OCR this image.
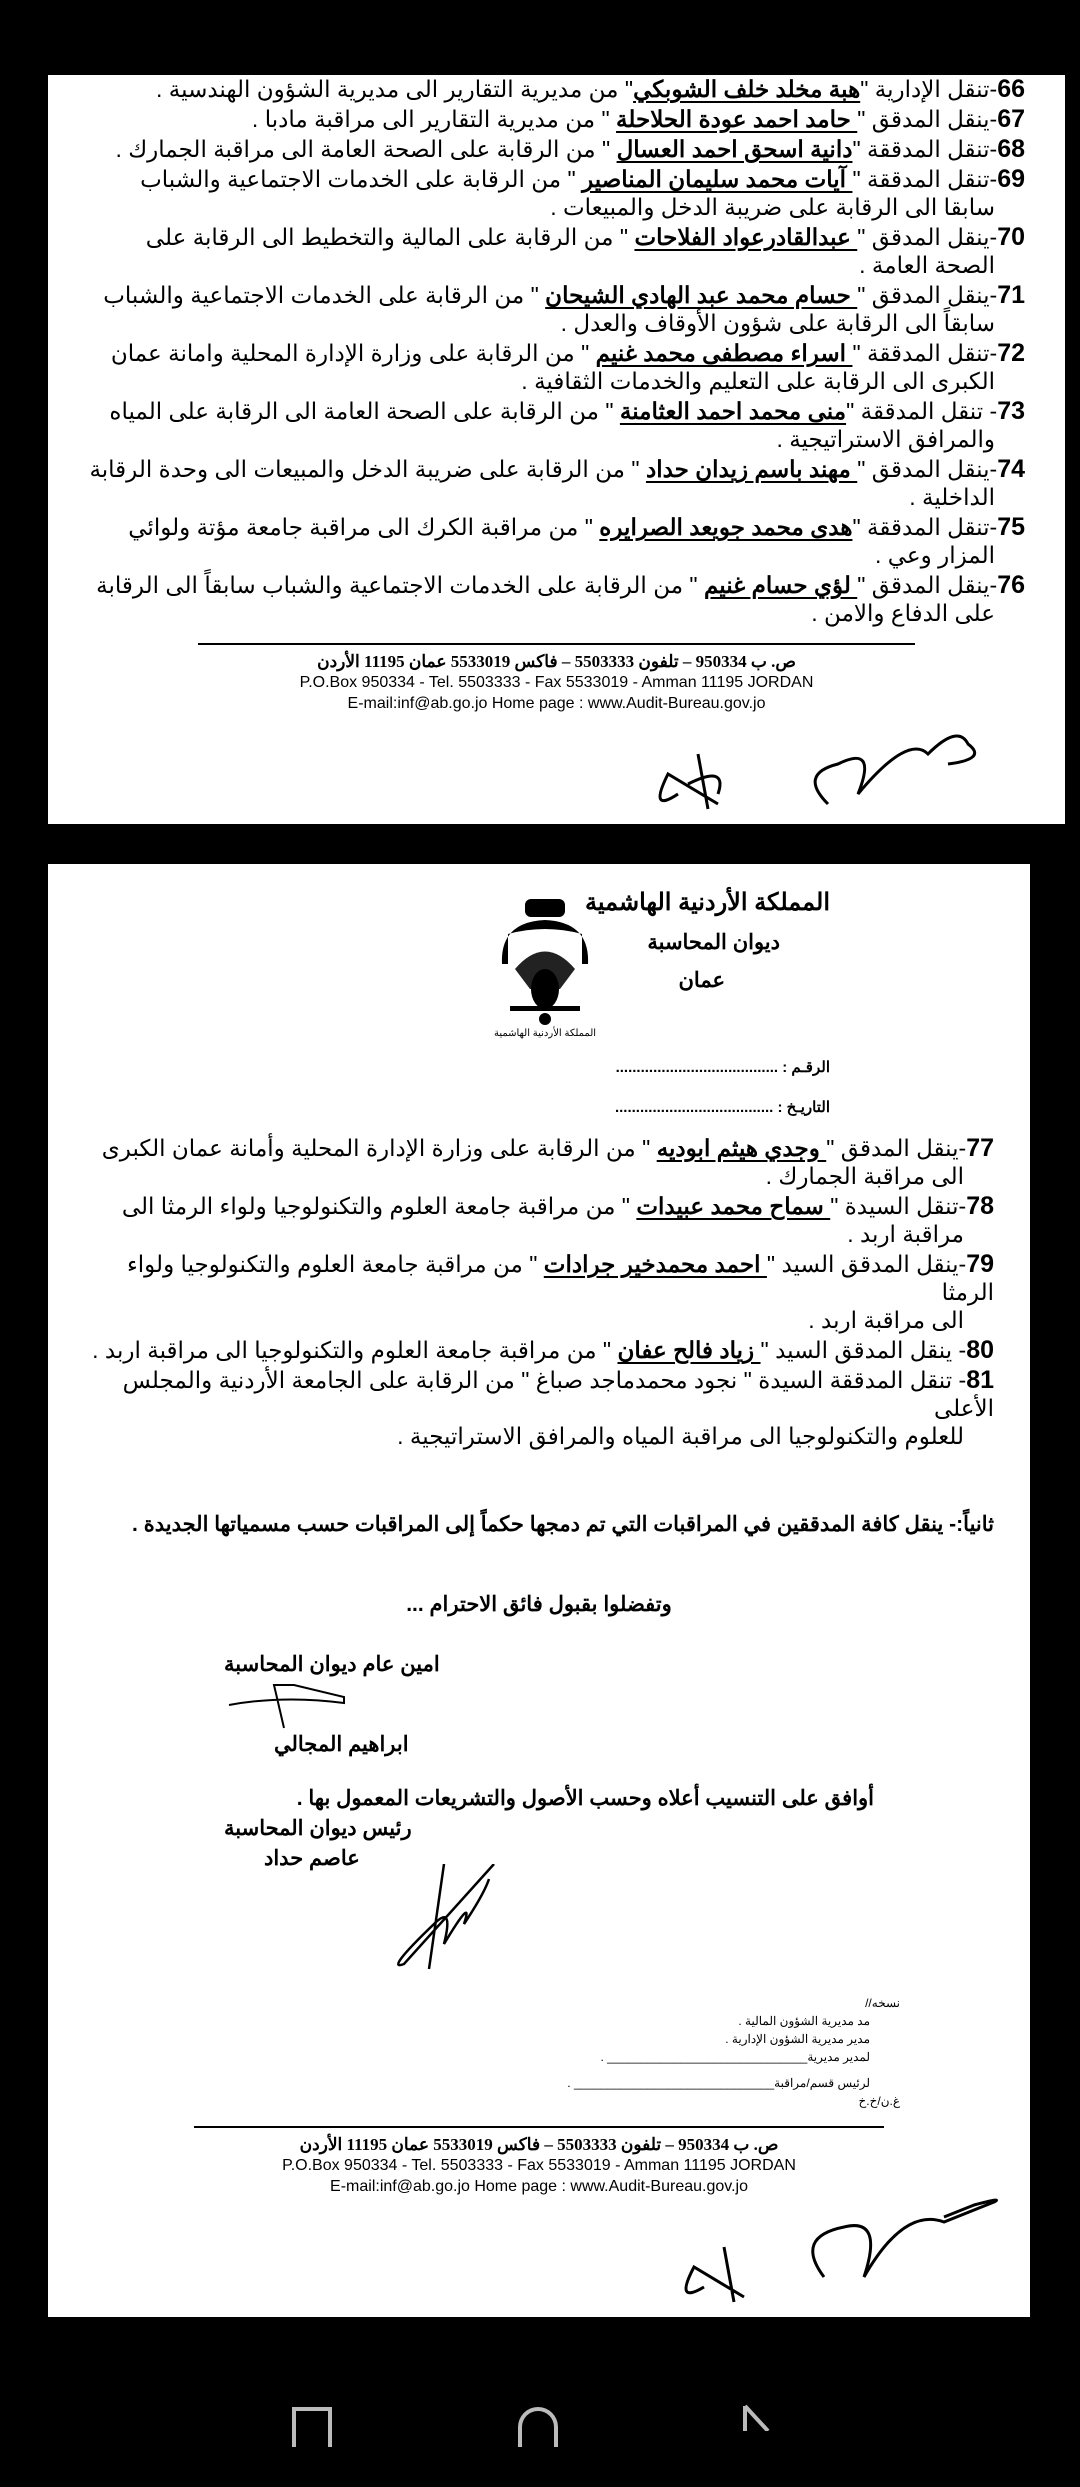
66-تنقل الإدارية "هبة مخلد خلف الشوبكي" من مديرية التقارير الى مديرية الشؤون الهندسية .
67-ينقل المدقق " حامد احمد عودة الحلاحلة " من مديرية التقارير الى مراقبة مادبا .
68-تنقل المدققة "دانية اسحق احمد العسال " من الرقابة على الصحة العامة الى مراقبة الجمارك .
69-تنقل المدققة " آيات محمد سليمان المناصير " من الرقابة على الخدمات الاجتماعية والشباب
سابقا الى الرقابة على ضريبة الدخل والمبيعات .
70-ينقل المدقق " عبدالقادرعواد الفلاحات " من الرقابة على المالية والتخطيط الى الرقابة على
الصحة العامة .
71-ينقل المدقق " حسام محمد عبد الهادي الشيحان " من الرقابة على الخدمات الاجتماعية والشباب
سابقاً الى الرقابة على شؤون الأوقاف والعدل .
72-تنقل المدققة " اسراء مصطفى محمد غنيم " من الرقابة على وزارة الإدارة المحلية وامانة عمان
الكبرى الى الرقابة على التعليم والخدمات الثقافية .
73- تنقل المدققة "منى محمد احمد العثامنة " من الرقابة على الصحة العامة الى الرقابة على المياه
والمرافق الاستراتيجية .
74-ينقل المدقق " مهند باسم زيدان حداد " من الرقابة على ضريبة الدخل والمبيعات الى وحدة الرقابة
الداخلية .
75-تنقل المدققة "هدى محمد جويعد الصرايره " من مراقبة الكرك الى مراقبة جامعة مؤتة ولوائي
المزار وعي .
76-ينقل المدقق " لؤي حسام غنيم " من الرقابة على الخدمات الاجتماعية والشباب سابقاً الى الرقابة
على الدفاع والامن .
ص. ب 950334 – تلفون 5503333 – فاكس 5533019 عمان 11195 الأردن
P.O.Box 950334 - Tel. 5503333 - Fax 5533019 - Amman 11195 JORDAN
E-mail:inf@ab.go.jo Home page : www.Audit-Bureau.gov.jo
المملكة الأردنية الهاشمية
ديوان المحاسبة
عمان
المملكة الأردنية الهاشمية
الرقـم : .......................................
التاريـخ : ......................................
77-ينقل المدقق " وجدي هيثم ابوديه " من الرقابة على وزارة الإدارة المحلية وأمانة عمان الكبرى
الى مراقبة الجمارك .
78-تنقل السيدة " سماح محمد عبيدات " من مراقبة جامعة العلوم والتكنولوجيا ولواء الرمثا الى
مراقبة اربد .
79-ينقل المدقق السيد " احمد محمدخير جرادات " من مراقبة جامعة العلوم والتكنولوجيا ولواء الرمثا
الى مراقبة اربد .
80- ينقل المدقق السيد " زياد فالح عفان " من مراقبة جامعة العلوم والتكنولوجيا الى مراقبة اربد .
81- تنقل المدققة السيدة " نجود محمدماجد صباغ " من الرقابة على الجامعة الأردنية والمجلس الأعلى
للعلوم والتكنولوجيا الى مراقبة المياه والمرافق الاستراتيجية .
ثانياً:- ينقل كافة المدققين في المراقبات التي تم دمجها حكماً إلى المراقبات حسب مسمياتها الجديدة .
وتفضلوا بقبول فائق الاحترام ...
امين عام ديوان المحاسبة
ابراهيم المجالي
أوافق على التنسيب أعلاه وحسب الأصول والتشريعات المعمول بها .
رئيس ديوان المحاسبة
عاصم حداد
نسخه//
مد مديرية الشؤون المالية .
مدير مديرية الشؤون الإدارية .
لمدير مديرية______________________________ .
لرئيس قسم/مراقبة______________________________ .
غ.ن/خ.خ
ص. ب 950334 – تلفون 5503333 – فاكس 5533019 عمان 11195 الأردن
P.O.Box 950334 - Tel. 5503333 - Fax 5533019 - Amman 11195 JORDAN
E-mail:inf@ab.go.jo Home page : www.Audit-Bureau.gov.jo
